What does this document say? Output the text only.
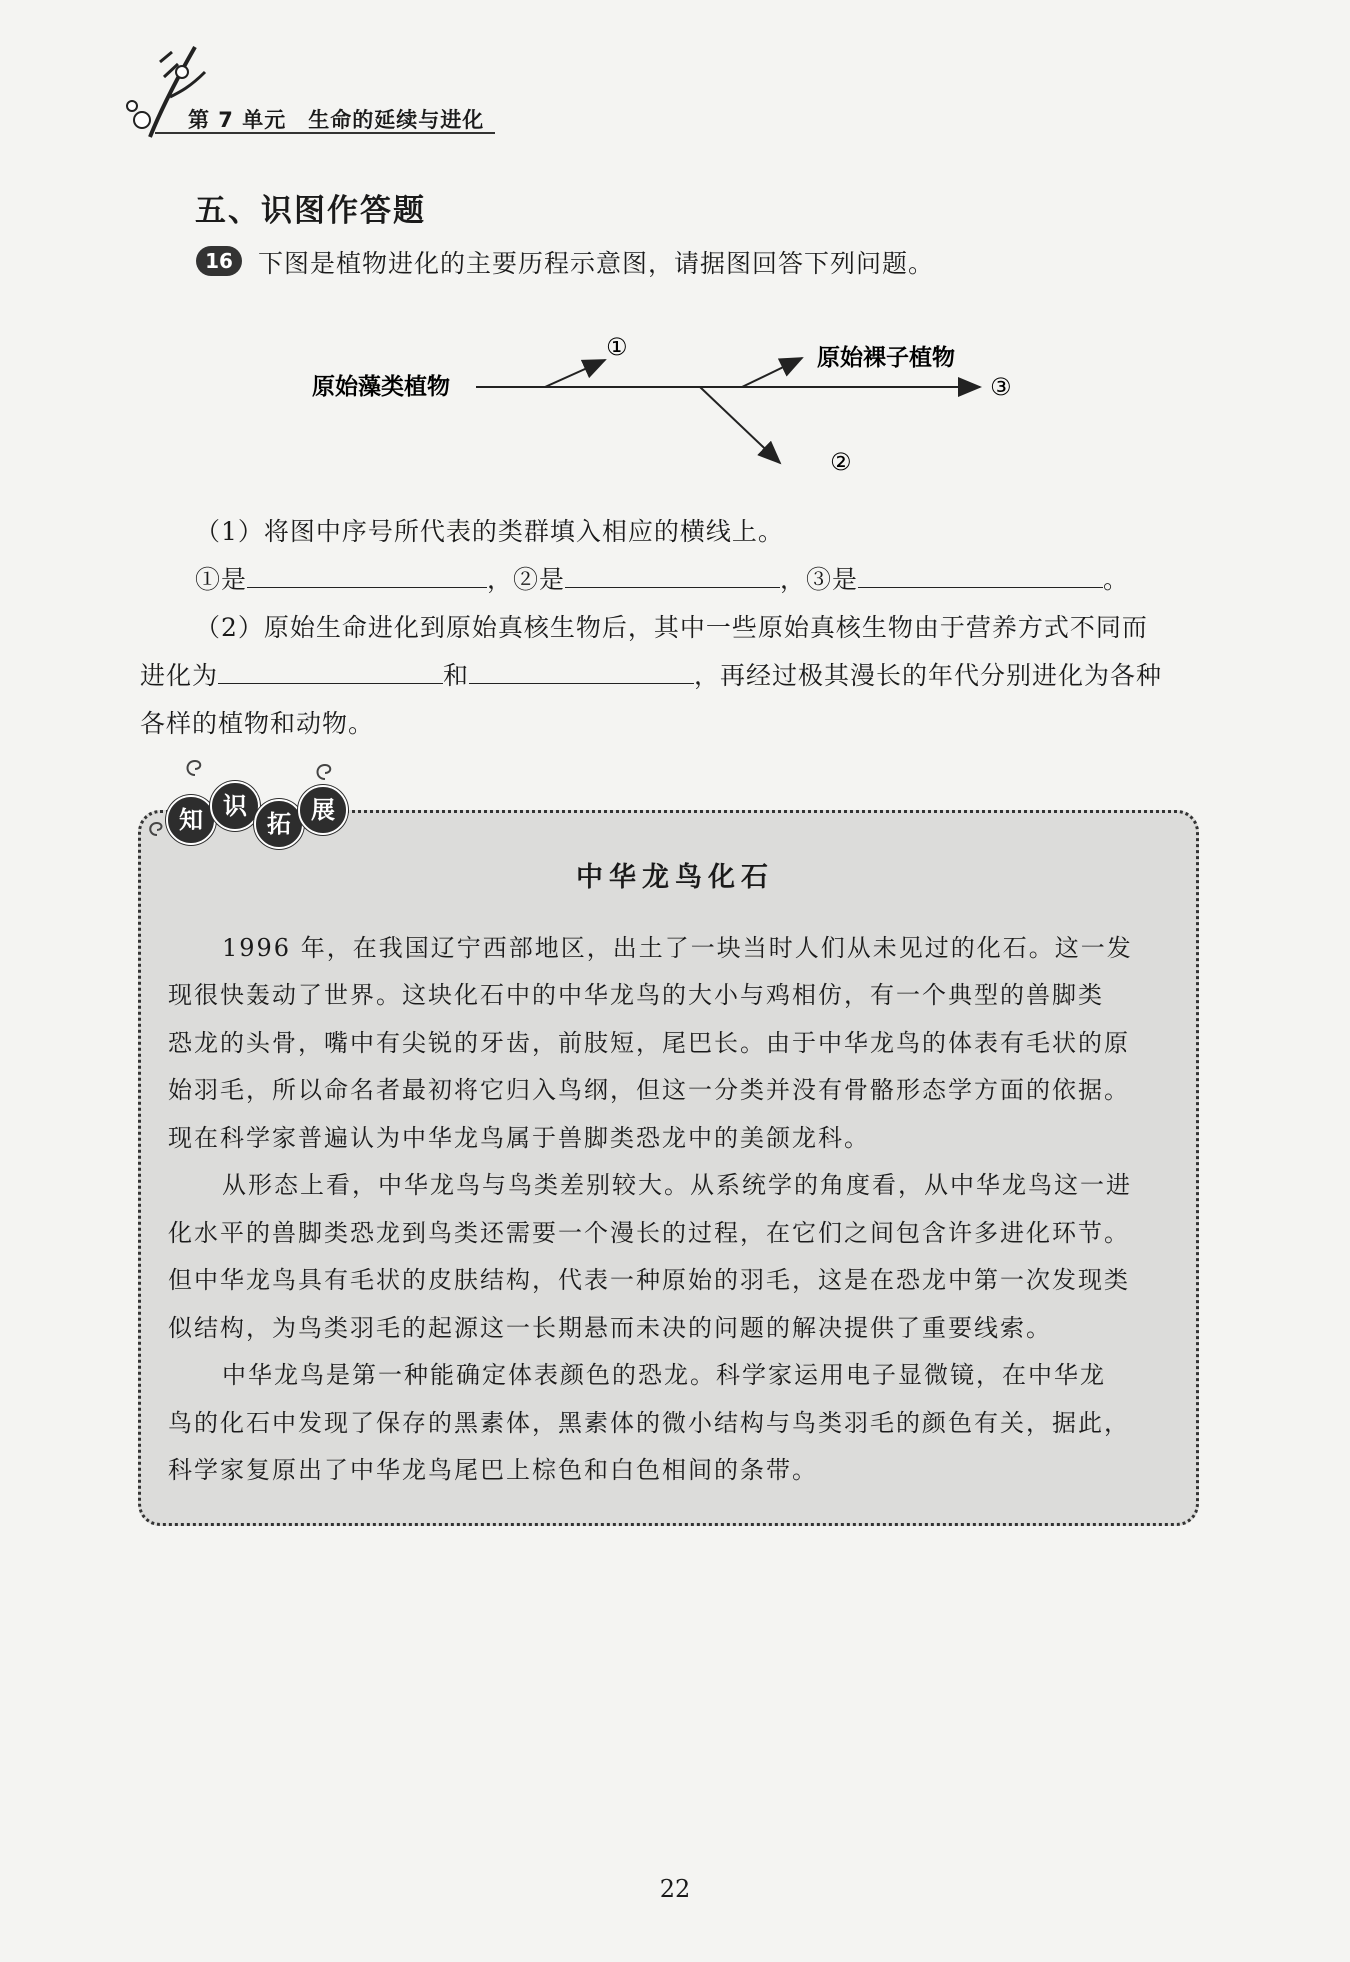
第 7 单元　生命的延续与进化
五、识图作答题
16	下图是植物进化的主要历程示意图，请据图回答下列问题。
原始藻类植物
①
②
③
原始裸子植物
（1）将图中序号所代表的类群填入相应的横线上。
①是	，②是	，③是	。
（2）原始生命进化到原始真核生物后，其中一些原始真核生物由于营养方式不同而
进化为	和	，再经过极其漫长的年代分别进化为各种
各样的植物和动物。
知 识
拓 展
中华龙鸟化石
1996 年，在我国辽宁西部地区，出土了一块当时人们从未见过的化石。这一发
现很快轰动了世界。这块化石中的中华龙鸟的大小与鸡相仿，有一个典型的兽脚类
恐龙的头骨，嘴中有尖锐的牙齿，前肢短，尾巴长。由于中华龙鸟的体表有毛状的原
始羽毛，所以命名者最初将它归入鸟纲，但这一分类并没有骨骼形态学方面的依据。
现在科学家普遍认为中华龙鸟属于兽脚类恐龙中的美颌龙科。
从形态上看，中华龙鸟与鸟类差别较大。从系统学的角度看，从中华龙鸟这一进
化水平的兽脚类恐龙到鸟类还需要一个漫长的过程，在它们之间包含许多进化环节。
但中华龙鸟具有毛状的皮肤结构，代表一种原始的羽毛，这是在恐龙中第一次发现类
似结构，为鸟类羽毛的起源这一长期悬而未决的问题的解决提供了重要线索。
中华龙鸟是第一种能确定体表颜色的恐龙。科学家运用电子显微镜，在中华龙
鸟的化石中发现了保存的黑素体，黑素体的微小结构与鸟类羽毛的颜色有关，据此，
科学家复原出了中华龙鸟尾巴上棕色和白色相间的条带。
22
